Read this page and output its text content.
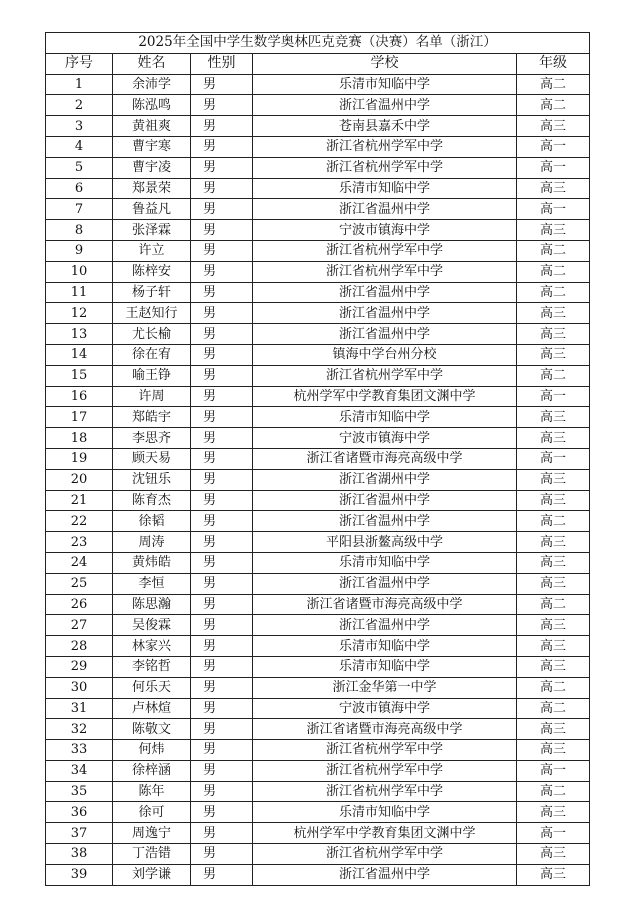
2025年全国中学生数学奥林匹克竞赛（决赛）名单（浙江）				
序号	姓名	性别	学校	年级
1	余沛学	男	乐清市知临中学	高二
2	陈泓鸣	男	浙江省温州中学	高二
3	黄祖爽	男	苍南县嘉禾中学	高三
4	曹宇寒	男	浙江省杭州学军中学	高一
5	曹宇凌	男	浙江省杭州学军中学	高一
6	郑景荣	男	乐清市知临中学	高三
7	鲁益凡	男	浙江省温州中学	高一
8	张泽霖	男	宁波市镇海中学	高三
9	许立	男	浙江省杭州学军中学	高二
10	陈梓安	男	浙江省杭州学军中学	高二
11	杨子轩	男	浙江省温州中学	高二
12	王赵知行	男	浙江省温州中学	高三
13	尤长榆	男	浙江省温州中学	高三
14	徐在宥	男	镇海中学台州分校	高三
15	喻王铮	男	浙江省杭州学军中学	高二
16	许周	男	杭州学军中学教育集团文渊中学	高一
17	郑皓宇	男	乐清市知临中学	高三
18	李思齐	男	宁波市镇海中学	高三
19	顾天易	男	浙江省诸暨市海亮高级中学	高一
20	沈钮乐	男	浙江省湖州中学	高三
21	陈育杰	男	浙江省温州中学	高三
22	徐韬	男	浙江省温州中学	高二
23	周涛	男	平阳县浙鳌高级中学	高三
24	黄炜皓	男	乐清市知临中学	高三
25	李恒	男	浙江省温州中学	高三
26	陈思瀚	男	浙江省诸暨市海亮高级中学	高二
27	吴俊霖	男	浙江省温州中学	高三
28	林家兴	男	乐清市知临中学	高三
29	李铭哲	男	乐清市知临中学	高三
30	何乐天	男	浙江金华第一中学	高二
31	卢林煊	男	宁波市镇海中学	高二
32	陈敬文	男	浙江省诸暨市海亮高级中学	高三
33	何炜	男	浙江省杭州学军中学	高三
34	徐梓涵	男	浙江省杭州学军中学	高一
35	陈年	男	浙江省杭州学军中学	高二
36	徐可	男	乐清市知临中学	高三
37	周逸宁	男	杭州学军中学教育集团文渊中学	高一
38	丁浩错	男	浙江省杭州学军中学	高三
39	刘学谦	男	浙江省温州中学	高三
